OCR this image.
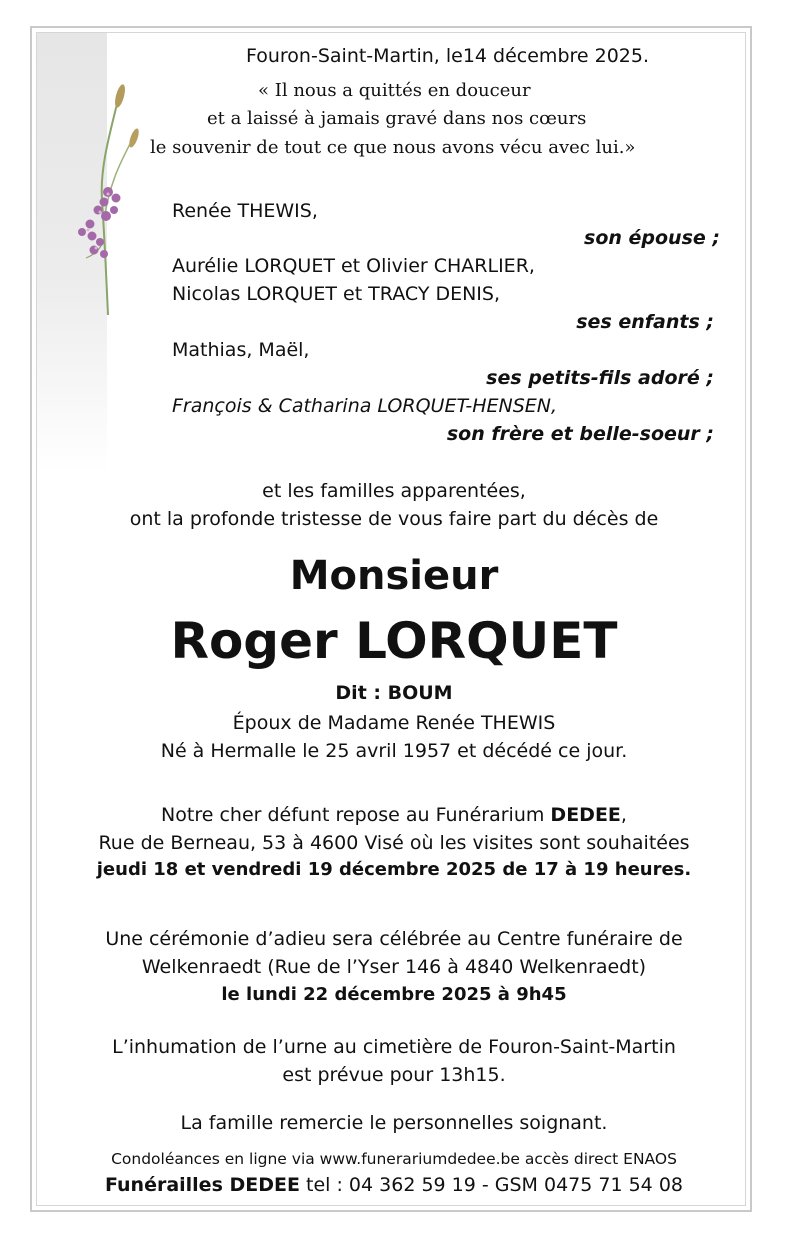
Fouron-Saint-Martin, le14 décembre 2025.
« Il nous a quittés en douceur
et a laissé à jamais gravé dans nos cœurs
le souvenir de tout ce que nous avons vécu avec lui.»
Renée THEWIS,
son épouse ;
Aurélie LORQUET et Olivier CHARLIER,
Nicolas LORQUET et TRACY DENIS,
ses enfants ;
Mathias, Maël,
ses petits-fils adoré ;
François & Catharina LORQUET-HENSEN,
son frère et belle-soeur ;
et les familles apparentées,
ont la profonde tristesse de vous faire part du décès de
Monsieur
Roger LORQUET
Dit : BOUM
Époux de Madame Renée THEWIS
Né à Hermalle le 25 avril 1957 et décédé ce jour.
Notre cher défunt repose au Funérarium DEDEE,
Rue de Berneau, 53 à 4600 Visé où les visites sont souhaitées
jeudi 18 et vendredi 19 décembre 2025 de 17 à 19 heures.
Une cérémonie d’adieu sera célébrée au Centre funéraire de
Welkenraedt (Rue de l’Yser 146 à 4840 Welkenraedt)
le lundi 22 décembre 2025 à 9h45
L’inhumation de l’urne au cimetière de Fouron-Saint-Martin
est prévue pour 13h15.
La famille remercie le personnelles soignant.
Condoléances en ligne via www.funerariumdedee.be accès direct ENAOS
Funérailles DEDEE tel : 04 362 59 19 - GSM 0475 71 54 08
